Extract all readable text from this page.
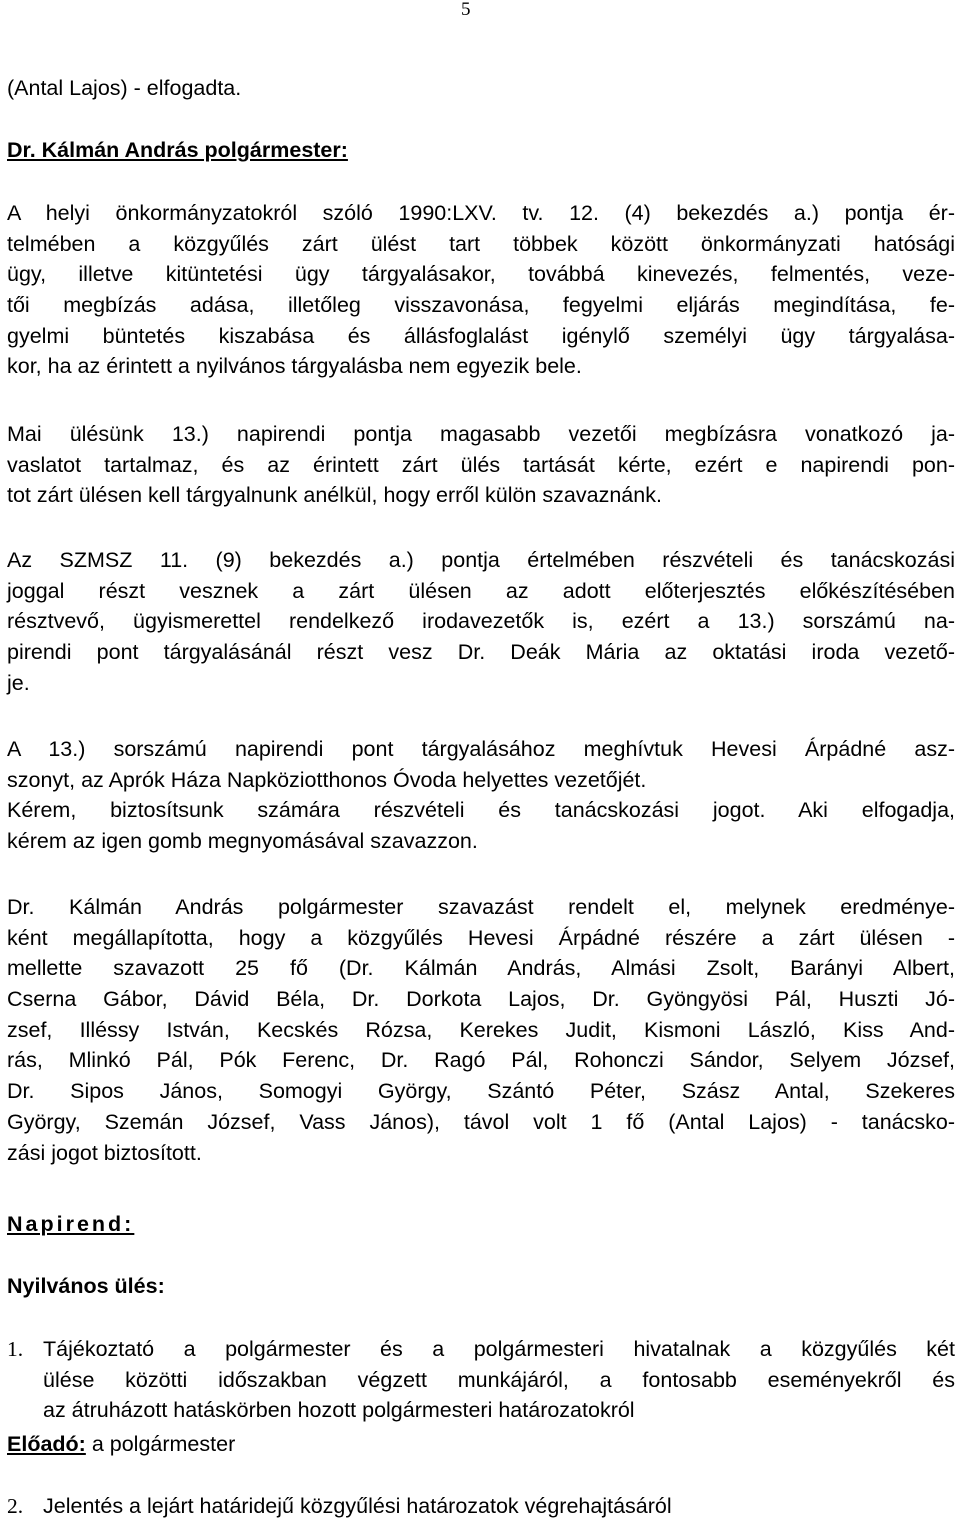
5
(Antal Lajos) - elfogadta.
Dr. Kálmán András polgármester:
A helyi önkormányzatokról szóló 1990:LXV. tv. 12. (4) bekezdés a.) pontja ér-
telmében a közgyűlés zárt ülést tart többek között önkormányzati hatósági
ügy, illetve kitüntetési ügy tárgyalásakor, továbbá kinevezés, felmentés, veze-
tői megbízás adása, illetőleg visszavonása, fegyelmi eljárás megindítása, fe-
gyelmi büntetés kiszabása és állásfoglalást igénylő személyi ügy tárgyalása-
kor, ha az érintett a nyilvános tárgyalásba nem egyezik bele.
Mai ülésünk 13.) napirendi pontja magasabb vezetői megbízásra vonatkozó ja-
vaslatot tartalmaz, és az érintett zárt ülés tartását kérte, ezért e napirendi pon-
tot zárt ülésen kell tárgyalnunk anélkül, hogy erről külön szavaznánk.
Az SZMSZ 11. (9) bekezdés a.) pontja értelmében részvételi és tanácskozási
joggal részt vesznek a zárt ülésen az adott előterjesztés előkészítésében
résztvevő, ügyismerettel rendelkező irodavezetők is, ezért a 13.) sorszámú na-
pirendi pont tárgyalásánál részt vesz Dr. Deák Mária az oktatási iroda vezető-
je.
A 13.) sorszámú napirendi pont tárgyalásához meghívtuk Hevesi Árpádné asz-
szonyt, az Aprók Háza Napköziotthonos Óvoda helyettes vezetőjét.
Kérem, biztosítsunk számára részvételi és tanácskozási jogot. Aki elfogadja,
kérem az igen gomb megnyomásával szavazzon.
Dr. Kálmán András polgármester szavazást rendelt el, melynek eredménye-
ként megállapította, hogy a közgyűlés Hevesi Árpádné részére a zárt ülésen -
mellette szavazott 25 fő (Dr. Kálmán András, Almási Zsolt, Barányi Albert,
Cserna Gábor, Dávid Béla, Dr. Dorkota Lajos, Dr. Gyöngyösi Pál, Huszti Jó-
zsef, Illéssy István, Kecskés Rózsa, Kerekes Judit, Kismoni László, Kiss And-
rás, Mlinkó Pál, Pók Ferenc, Dr. Ragó Pál, Rohonczi Sándor, Selyem József,
Dr. Sipos János, Somogyi György, Szántó Péter, Szász Antal, Szekeres
György, Szemán József, Vass János), távol volt 1 fő (Antal Lajos) - tanácsko-
zási jogot biztosított.
Napirend:
Nyilvános ülés:
1. Tájékoztató a polgármester és a polgármesteri hivatalnak a közgyűlés két
ülése közötti időszakban végzett munkájáról, a fontosabb eseményekről és
az átruházott hatáskörben hozott polgármesteri határozatokról
Előadó: a polgármester
2. Jelentés a lejárt határidejű közgyűlési határozatok végrehajtásáról
